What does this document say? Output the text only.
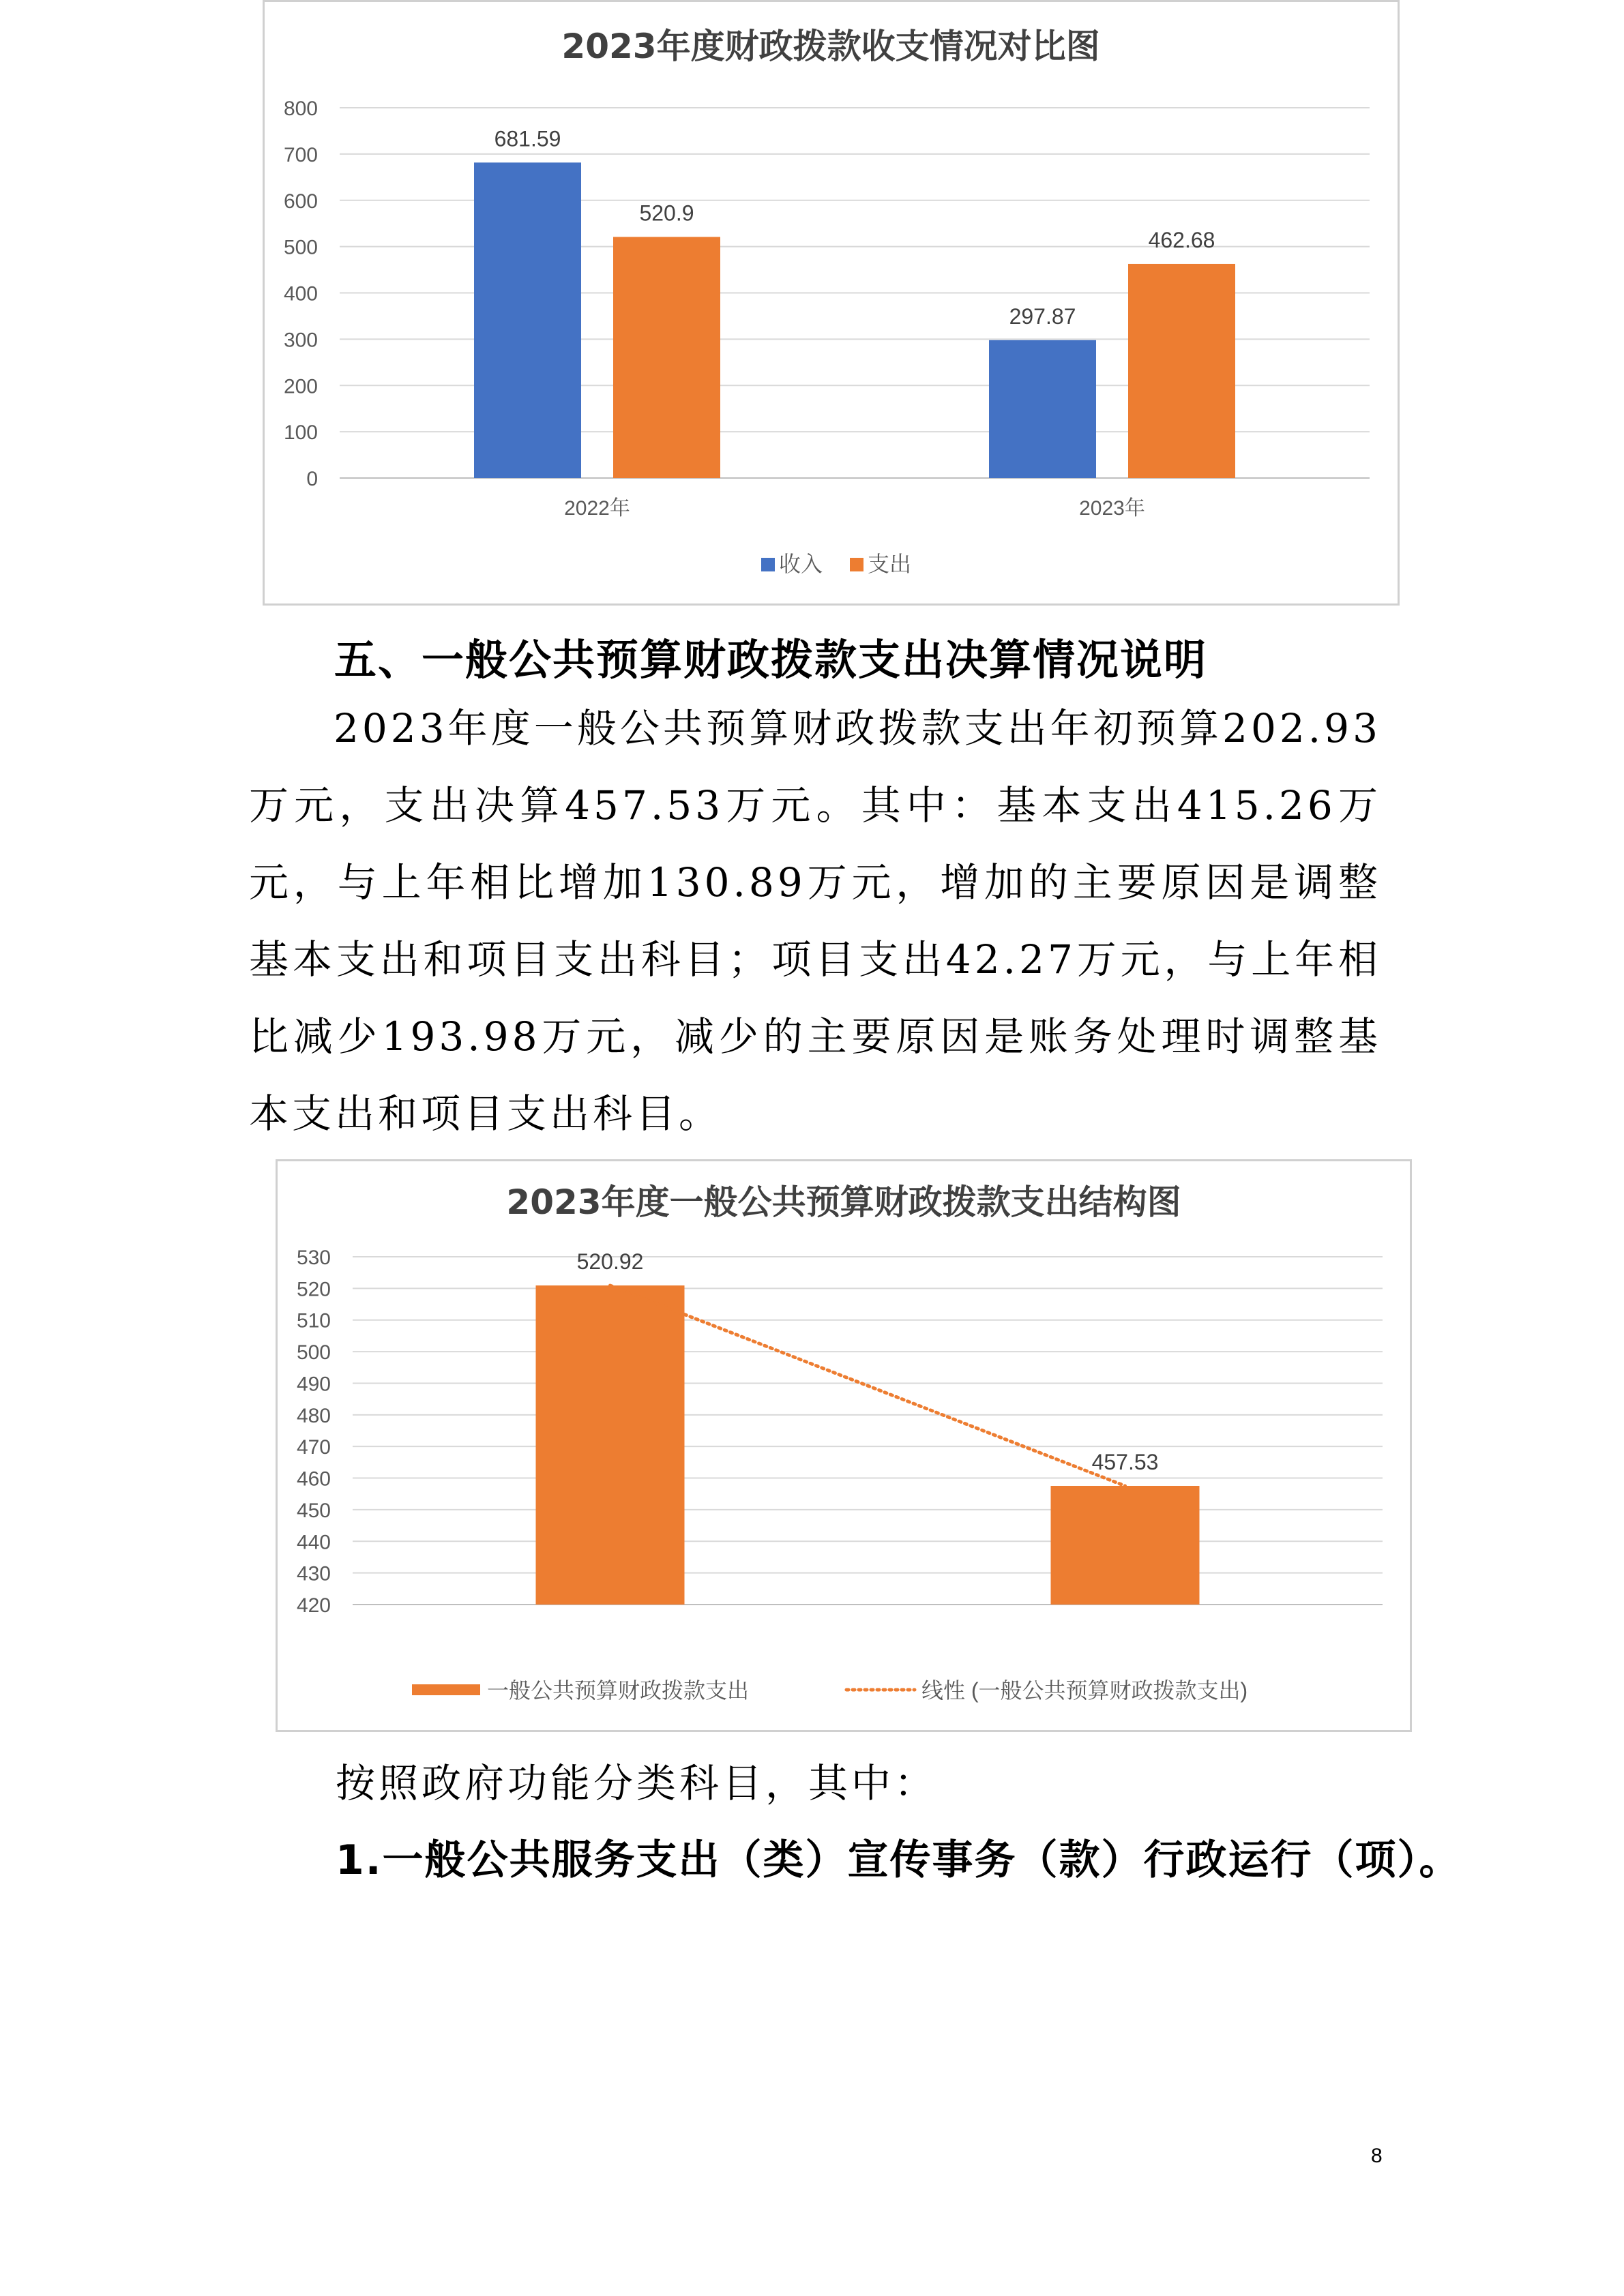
2023年度财政拨款收支情况对比图
800
700
600
500
400
300
200
100
0
2022年
681.59
520.9
2023年
297.87
462.68
收入 支出
五、一般公共预算财政拨款支出决算情况说明

2023年度一般公共预算财政拨款支出年初预算202.93万元，支出决算457.53万元。其中：基本支出415.26万元，与上年相比增加130.89万元，增加的主要原因是调整基本支出和项目支出科目；项目支出42.27万元，与上年相比减少193.98万元，减少的主要原因是账务处理时调整基本支出和项目支出科目。

2023年度一般公共预算财政拨款支出结构图
530
520
510
500
490
480
470
460
450
440
430
420
520.92
457.53
一般公共预算财政拨款支出	线性 (一般公共预算财政拨款支出)
按照政府功能分类科目，其中：
1.一般公共服务支出（类）宣传事务（款）行政运行（项）。
8
